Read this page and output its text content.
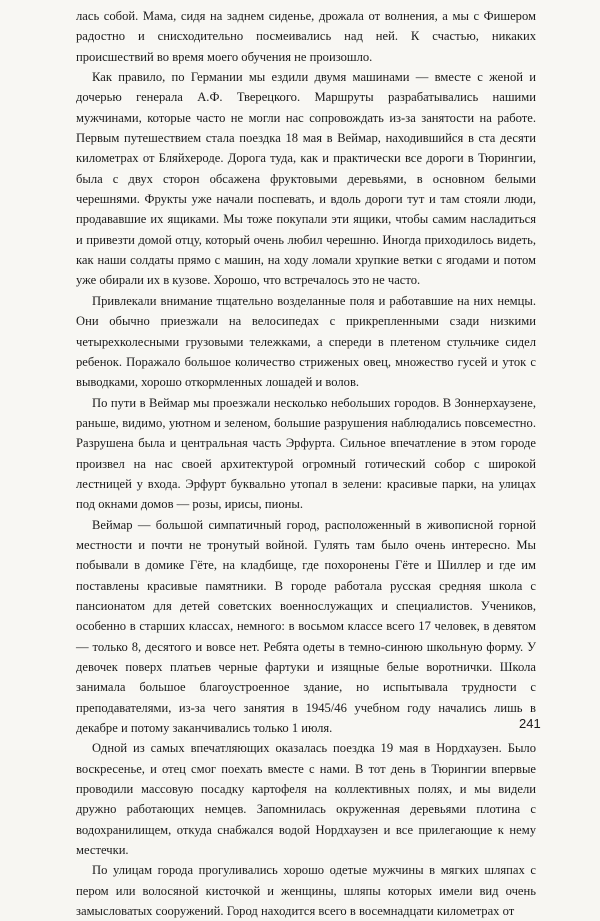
лась собой. Мама, сидя на заднем сиденье, дрожала от волнения, а мы с Фишером радостно и снисходительно посмеивались над ней. К счастью, никаких происшествий во время моего обучения не произошло.

Как правило, по Германии мы ездили двумя машинами — вместе с женой и дочерью генерала А.Ф. Тверецкого. Маршруты разрабатывались нашими мужчинами, которые часто не могли нас сопровождать из-за занятости на работе. Первым путешествием стала поездка 18 мая в Веймар, находившийся в ста десяти километрах от Бляйхероде. Дорога туда, как и практически все дороги в Тюрингии, была с двух сторон обсажена фруктовыми деревьями, в основном белыми черешнями. Фрукты уже начали поспевать, и вдоль дороги тут и там стояли люди, продававшие их ящиками. Мы тоже покупали эти ящики, чтобы самим насладиться и привезти домой отцу, который очень любил черешню. Иногда приходилось видеть, как наши солдаты прямо с машин, на ходу ломали хрупкие ветки с ягодами и потом уже обирали их в кузове. Хорошо, что встречалось это не часто.

Привлекали внимание тщательно возделанные поля и работавшие на них немцы. Они обычно приезжали на велосипедах с прикрепленными сзади низкими четырехколесными грузовыми тележками, а спереди в плетеном стульчике сидел ребенок. Поражало большое количество стриженых овец, множество гусей и уток с выводками, хорошо откормленных лошадей и волов.

По пути в Веймар мы проезжали несколько небольших городов. В Зоннерхаузене, раньше, видимо, уютном и зеленом, большие разрушения наблюдались повсеместно. Разрушена была и центральная часть Эрфурта. Сильное впечатление в этом городе произвел на нас своей архитектурой огромный готический собор с широкой лестницей у входа. Эрфурт буквально утопал в зелени: красивые парки, на улицах под окнами домов — розы, ирисы, пионы.

Веймар — большой симпатичный город, расположенный в живописной горной местности и почти не тронутый войной. Гулять там было очень интересно. Мы побывали в домике Гёте, на кладбище, где похоронены Гёте и Шиллер и где им поставлены красивые памятники. В городе работала русская средняя школа с пансионатом для детей советских военнослужащих и специалистов. Учеников, особенно в старших классах, немного: в восьмом классе всего 17 человек, в девятом — только 8, десятого и вовсе нет. Ребята одеты в темно-синюю школьную форму. У девочек поверх платьев черные фартуки и изящные белые воротнички. Школа занимала большое благоустроенное здание, но испытывала трудности с преподавателями, из-за чего занятия в 1945/46 учебном году начались лишь в декабре и потому заканчивались только 1 июля.

Одной из самых впечатляющих оказалась поездка 19 мая в Нордхаузен. Было воскресенье, и отец смог поехать вместе с нами. В тот день в Тюрингии впервые проводили массовую посадку картофеля на коллективных полях, и мы видели дружно работающих немцев. Запомнилась окруженная деревьями плотина с водохранилищем, откуда снабжался водой Нордхаузен и все прилегающие к нему местечки.

По улицам города прогуливались хорошо одетые мужчины в мягких шляпах с пером или волосяной кисточкой и женщины, шляпы которых имели вид очень замысловатых сооружений. Город находится всего в восемнадцати километрах от

241
